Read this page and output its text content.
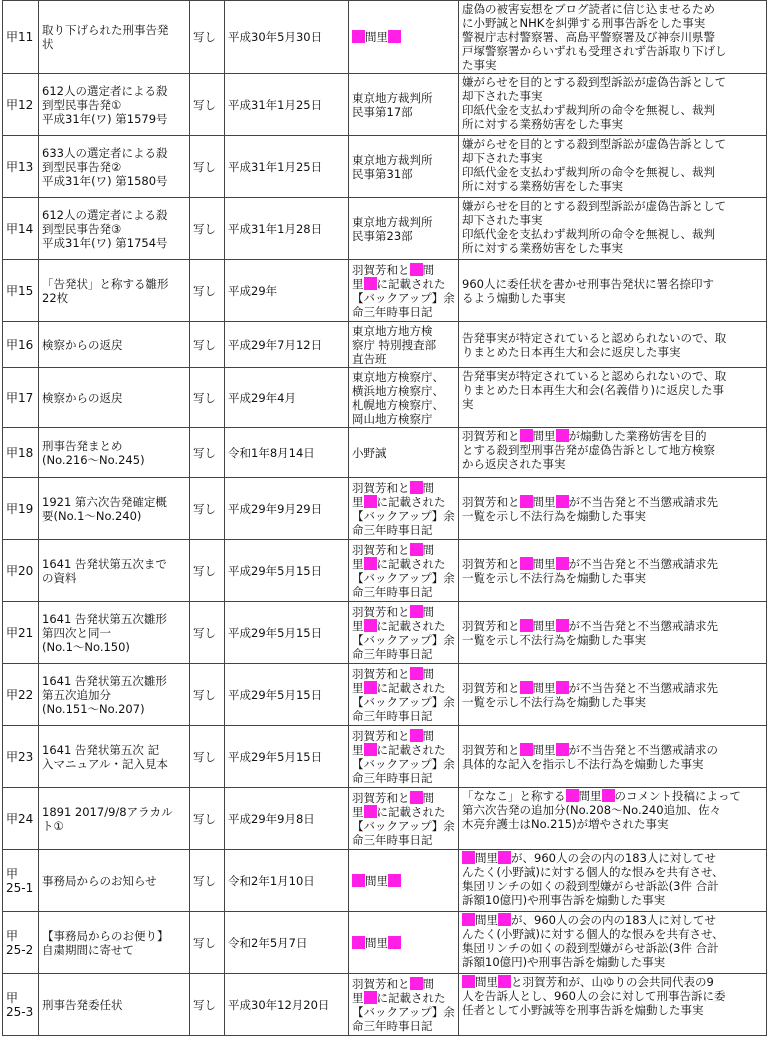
甲11	取り下げられた刑事告発
状	写し	平成30年5月30日	間里	虚偽の被害妄想をブログ読者に信じ込ませるため
に小野誠とNHKを糾弾する刑事告訴をした事実
警視庁志村警察署、高島平警察署及び神奈川県警
戸塚警察署からいずれも受理されず告訴取り下げし
た事実

甲12	612人の選定者による殺
到型民事告発①
平成31年(ワ) 第1579号	写し	平成31年1月25日	東京地方裁判所
民事第17部	嫌がらせを目的とする殺到型訴訟が虚偽告訴として
却下された事実
印紙代金を支払わず裁判所の命令を無視し、裁判
所に対する業務妨害をした事実

甲13	633人の選定者による殺
到型民事告発②
平成31年(ワ) 第1580号	写し	平成31年1月25日	東京地方裁判所
民事第31部	嫌がらせを目的とする殺到型訴訟が虚偽告訴として
却下された事実
印紙代金を支払わず裁判所の命令を無視し、裁判
所に対する業務妨害をした事実

甲14	612人の選定者による殺
到型民事告発③
平成31年(ワ) 第1754号	写し	平成31年1月28日	東京地方裁判所
民事第23部	嫌がらせを目的とする殺到型訴訟が虚偽告訴として
却下された事実
印紙代金を支払わず裁判所の命令を無視し、裁判
所に対する業務妨害をした事実

甲15	「告発状」と称する雛形
22枚	写し	平成29年	羽賀芳和と 間
里 に記載された
【バックアップ】余
命三年時事日記	960人に委任状を書かせ刑事告発状に署名捺印す
るよう煽動した事実

甲16	検察からの返戻	写し	平成29年7月12日	東京地方地方検
察庁 特別捜査部
直告班	告発事実が特定されていると認められないので、取
りまとめた日本再生大和会に返戻した事実

甲17	検察からの返戻	写し	平成29年4月	東京地方検察庁、
横浜地方検察庁、
札幌地方検察庁、
岡山地方検察庁	告発事実が特定されていると認められないので、取
りまとめた日本再生大和会(名義借り)に返戻した事
実

甲18	刑事告発まとめ
(No.216～No.245)	写し	令和1年8月14日	小野誠	羽賀芳和と 間里 が煽動した業務妨害を目的
とする殺到型刑事告発が虚偽告訴として地方検察
から返戻された事実

甲19	1921 第六次告発確定概
要(No.1～No.240)	写し	平成29年9月29日	羽賀芳和と 間
里 に記載された
【バックアップ】余
命三年時事日記	羽賀芳和と 間里 が不当告発と不当懲戒請求先
一覧を示し不法行為を煽動した事実

甲20	1641 告発状第五次まで
の資料	写し	平成29年5月15日	羽賀芳和と 間
里 に記載された
【バックアップ】余
命三年時事日記	羽賀芳和と 間里 が不当告発と不当懲戒請求先
一覧を示し不法行為を煽動した事実

甲21	1641 告発状第五次雛形
第四次と同一
(No.1～No.150)	写し	平成29年5月15日	羽賀芳和と 間
里 に記載された
【バックアップ】余
命三年時事日記	羽賀芳和と 間里 が不当告発と不当懲戒請求先
一覧を示し不法行為を煽動した事実

甲22	1641 告発状第五次雛形
第五次追加分
(No.151～No.207)	写し	平成29年5月15日	羽賀芳和と 間
里 に記載された
【バックアップ】余
命三年時事日記	羽賀芳和と 間里 が不当告発と不当懲戒請求先
一覧を示し不法行為を煽動した事実

甲23	1641 告発状第五次 記
入マニュアル・記入見本	写し	平成29年5月15日	羽賀芳和と 間
里 に記載された
【バックアップ】余
命三年時事日記	羽賀芳和と 間里 が不当告発と不当懲戒請求の
具体的な記入を指示し不法行為を煽動した事実

甲24	1891 2017/9/8アラカル
ト①	写し	平成29年9月8日	羽賀芳和と 間
里 に記載された
【バックアップ】余
命三年時事日記	「ななこ」と称する 間里 のコメント投稿によって
第六次告発の追加分(No.208～No.240追加、佐々
木亮弁護士はNo.215)が増やされた事実

甲
25-1	事務局からのお知らせ	写し	令和2年1月10日	間里	間里 が、960人の会の内の183人に対してせ
んたく(小野誠)に対する個人的な恨みを共有させ、
集団リンチの如くの殺到型嫌がらせ訴訟(3件 合計
訴額10億円)や刑事告訴を煽動した事実

甲
25-2	【事務局からのお便り】
自粛期間に寄せて	写し	令和2年5月7日	間里	間里 が、960人の会の内の183人に対してせ
んたく(小野誠)に対する個人的な恨みを共有させ、
集団リンチの如くの殺到型嫌がらせ訴訟(3件 合計
訴額10億円)や刑事告訴を煽動した事実

甲
25-3	刑事告発委任状	写し	平成30年12月20日	羽賀芳和と 間
里 に記載された
【バックアップ】余
命三年時事日記	間里 と羽賀芳和が、山ゆりの会共同代表の9
人を告訴人とし、960人の会に対して刑事告訴に委
任者として小野誠等を刑事告訴を煽動した事実
